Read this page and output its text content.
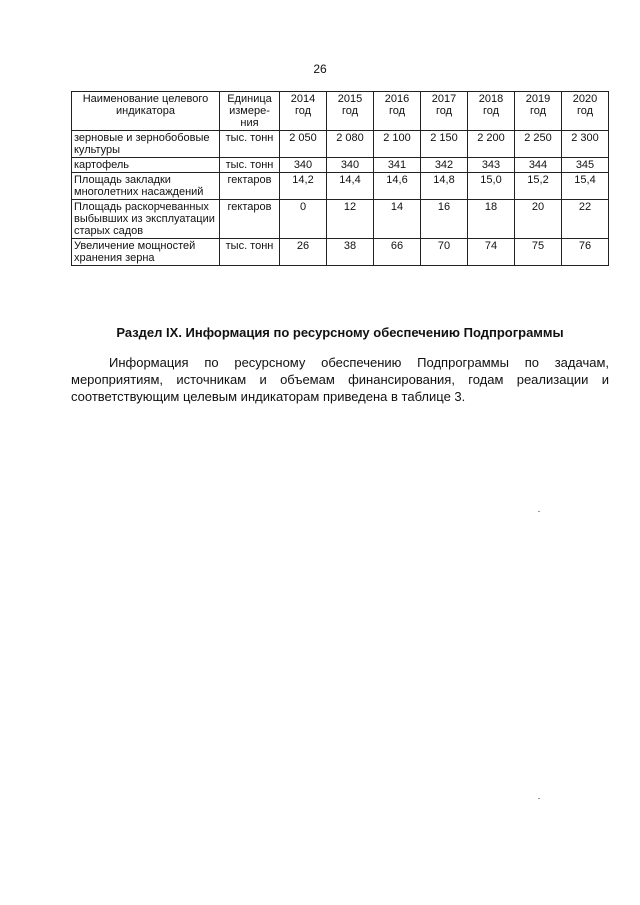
26
Наименование целевого индикатора	Единица измере-ния	2014 год	2015 год	2016 год	2017 год	2018 год	2019 год	2020 год
зерновые и зернобобовые культуры	тыс. тонн	2 050	2 080	2 100	2 150	2 200	2 250	2 300
картофель	тыс. тонн	340	340	341	342	343	344	345
Площадь закладки многолетних насаждений	гектаров	14,2	14,4	14,6	14,8	15,0	15,2	15,4
Площадь раскорчеванных выбывших из эксплуатации старых садов	гектаров	0	12	14	16	18	20	22
Увеличение мощностей хранения зерна	тыс. тонн	26	38	66	70	74	75	76
Раздел IX. Информация по ресурсному обеспечению Подпрограммы

Информация по ресурсному обеспечению Подпрограммы по задачам, мероприятиям, источникам и объемам финансирования, годам реализации и соответствующим целевым индикаторам приведена в таблице 3.
